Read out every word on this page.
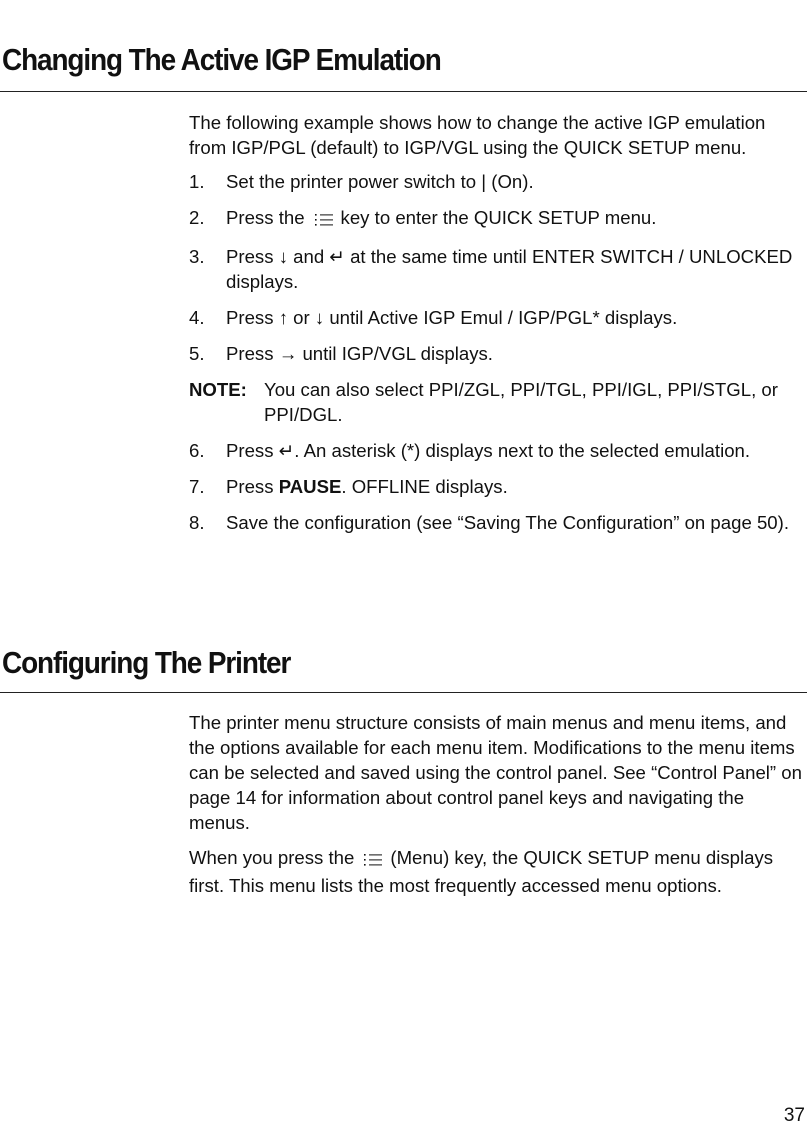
Changing The Active IGP Emulation

The following example shows how to change the active IGP emulation from IGP/PGL (default) to IGP/VGL using the QUICK SETUP menu.

1. Set the printer power switch to | (On).
2. Press the key to enter the QUICK SETUP menu.
3. Press ↓ and ↵ at the same time until ENTER SWITCH / UNLOCKED displays.
4. Press ↑ or ↓ until Active IGP Emul / IGP/PGL* displays.
5. Press → until IGP/VGL displays.
NOTE: You can also select PPI/ZGL, PPI/TGL, PPI/IGL, PPI/STGL, or PPI/DGL.
6. Press ↵. An asterisk (*) displays next to the selected emulation.
7. Press PAUSE. OFFLINE displays.
8. Save the configuration (see “Saving The Configuration” on page 50).
Configuring The Printer

The printer menu structure consists of main menus and menu items, and the options available for each menu item. Modifications to the menu items can be selected and saved using the control panel. See “Control Panel” on page 14 for information about control panel keys and navigating the menus.

When you press the (Menu) key, the QUICK SETUP menu displays first. This menu lists the most frequently accessed menu options.

37
